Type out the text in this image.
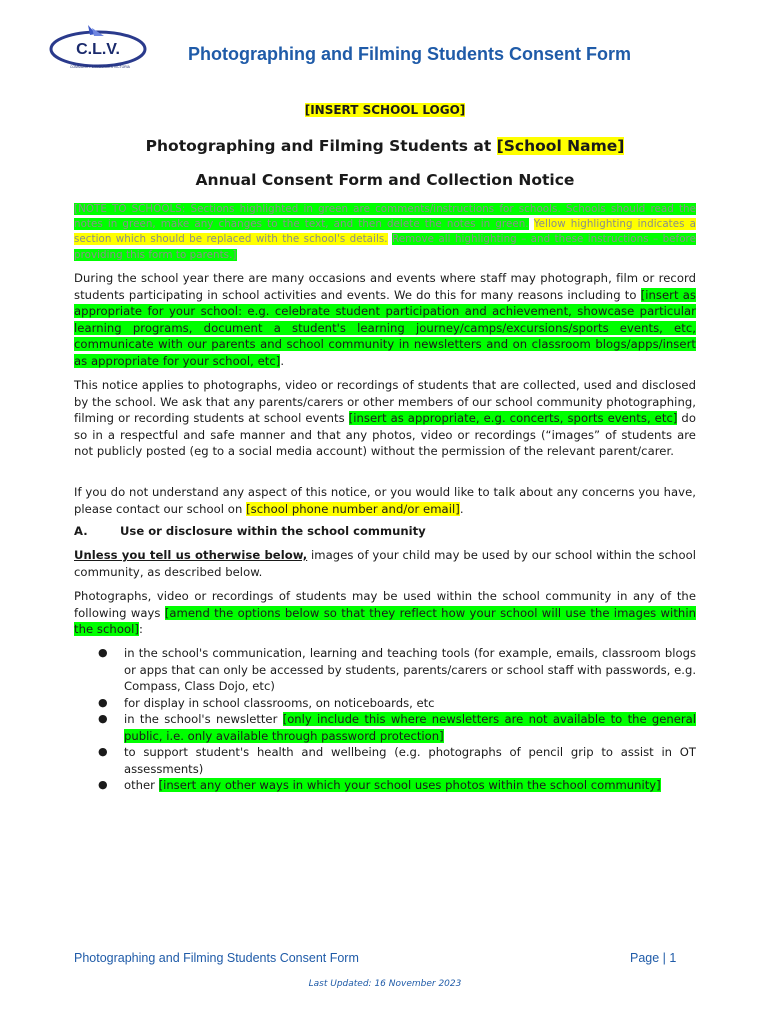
C.L.V.
COMMUNITY LANGUAGES VICTORIA
Photographing and Filming Students Consent Form
[INSERT SCHOOL LOGO]
Photographing and Filming Students at [School Name]
Annual Consent Form and Collection Notice
[NOTE TO SCHOOLS: Sections highlighted in green are comments/instructions for schools. Schools should read the notes in green, make any changes to the text, and then delete the notes in green. Yellow highlighting indicates a section which should be replaced with the school's details. Remove all highlighting – and these instructions – before providing this form to parents.]
During the school year there are many occasions and events where staff may photograph, film or record students participating in school activities and events. We do this for many reasons including to [insert as appropriate for your school: e.g. celebrate student participation and achievement, showcase particular learning programs, document a student's learning journey/camps/excursions/sports events, etc, communicate with our parents and school community in newsletters and on classroom blogs/apps/insert as appropriate for your school, etc].
This notice applies to photographs, video or recordings of students that are collected, used and disclosed by the school. We ask that any parents/carers or other members of our school community photographing, filming or recording students at school events [insert as appropriate, e.g. concerts, sports events, etc] do so in a respectful and safe manner and that any photos, video or recordings (“images” of students are not publicly posted (eg to a social media account) without the permission of the relevant parent/carer.
If you do not understand any aspect of this notice, or you would like to talk about any concerns you have, please contact our school on [school phone number and/or email].
A.	Use or disclosure within the school community
Unless you tell us otherwise below, images of your child may be used by our school within the school community, as described below.
Photographs, video or recordings of students may be used within the school community in any of the following ways [amend the options below so that they reflect how your school will use the images within the school]:
● in the school's communication, learning and teaching tools (for example, emails, classroom blogs or apps that can only be accessed by students, parents/carers or school staff with passwords, e.g. Compass, Class Dojo, etc)
● for display in school classrooms, on noticeboards, etc
● in the school's newsletter [only include this where newsletters are not available to the general public, i.e. only available through password protection]
● to support student's health and wellbeing (e.g. photographs of pencil grip to assist in OT assessments)
● other [insert any other ways in which your school uses photos within the school community]
Photographing and Filming Students Consent Form	Page | 1
Last Updated: 16 November 2023
